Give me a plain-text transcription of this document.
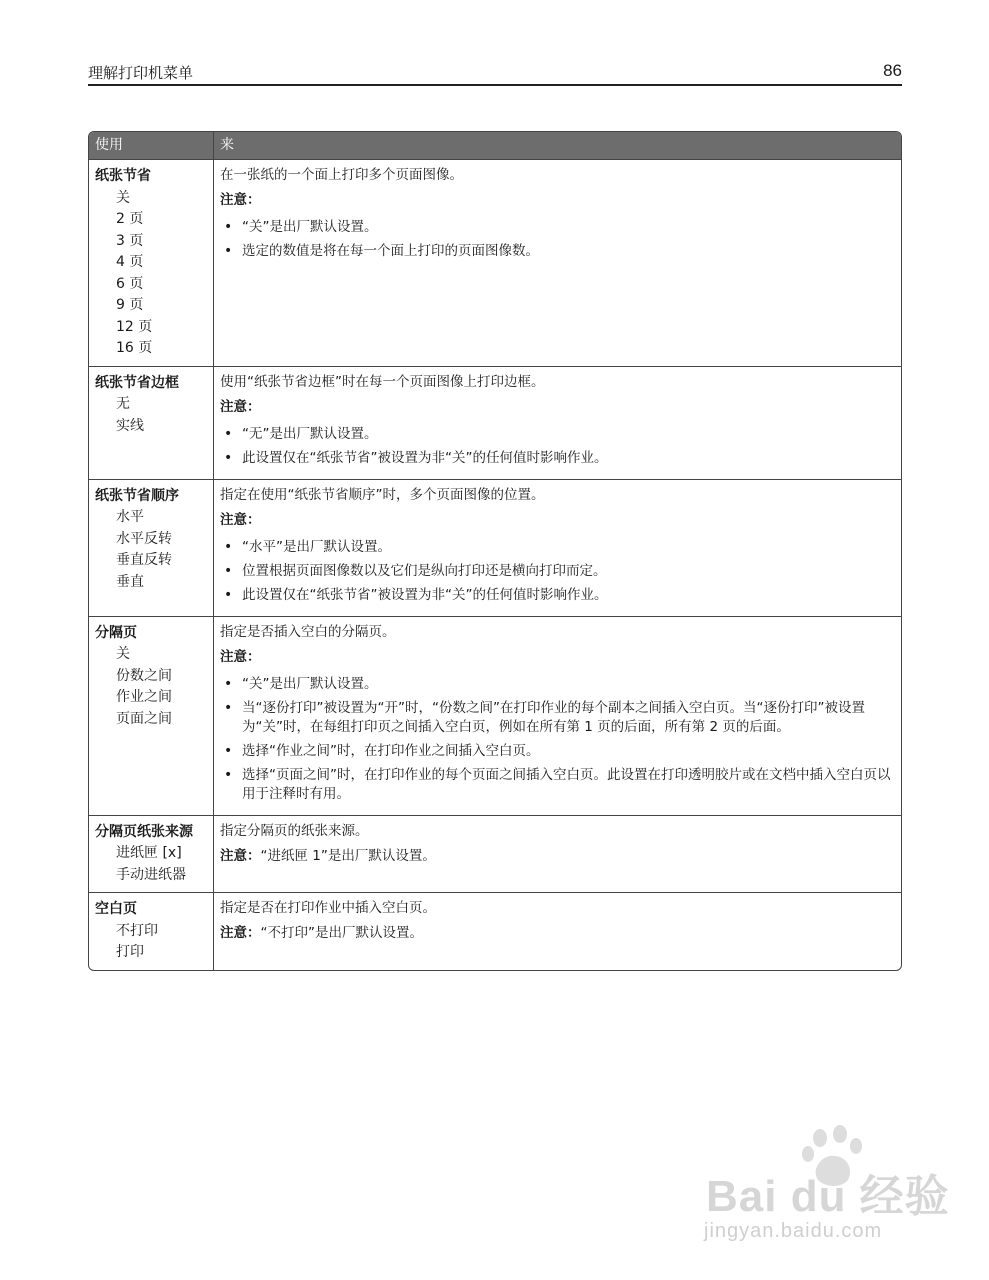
理解打印机菜单	86
使用	来
纸张节省
关
2 页
3 页
4 页
6 页
9 页
12 页
16 页
在一张纸的一个面上打印多个页面图像。
注意：
• “关”是出厂默认设置。
• 选定的数值是将在每一个面上打印的页面图像数。
纸张节省边框
无
实线
使用“纸张节省边框”时在每一个页面图像上打印边框。
注意：
• “无”是出厂默认设置。
• 此设置仅在“纸张节省”被设置为非“关”的任何值时影响作业。
纸张节省顺序
水平
水平反转
垂直反转
垂直
指定在使用“纸张节省顺序”时，多个页面图像的位置。
注意：
• “水平”是出厂默认设置。
• 位置根据页面图像数以及它们是纵向打印还是横向打印而定。
• 此设置仅在“纸张节省”被设置为非“关”的任何值时影响作业。
分隔页
关
份数之间
作业之间
页面之间
指定是否插入空白的分隔页。
注意：
• “关”是出厂默认设置。
• 当“逐份打印”被设置为“开”时，“份数之间”在打印作业的每个副本之间插入空白页。当“逐份打印”被设置为“关”时，在每组打印页之间插入空白页，例如在所有第 1 页的后面，所有第 2 页的后面。
• 选择“作业之间”时，在打印作业之间插入空白页。
• 选择“页面之间”时，在打印作业的每个页面之间插入空白页。此设置在打印透明胶片或在文档中插入空白页以用于注释时有用。
分隔页纸张来源
进纸匣 [x]
手动进纸器
指定分隔页的纸张来源。
注意：“进纸匣 1”是出厂默认设置。
空白页
不打印
打印
指定是否在打印作业中插入空白页。
注意：“不打印”是出厂默认设置。
Bai du 经验
jingyan.baidu.com
